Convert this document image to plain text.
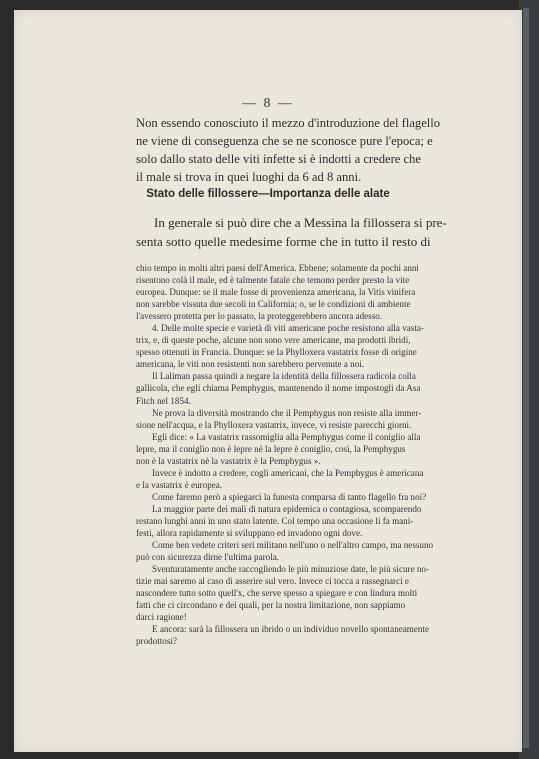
— 8 —

Non essendo conosciuto il mezzo d'introduzione del flagello
ne viene di conseguenza che se ne sconosce pure l'epoca; e
solo dallo stato delle viti infette si è indotti a credere che
il male si trova in quei luoghi da 6 ad 8 anni.

Stato delle fillossere—Importanza delle alate

In generale si può dire che a Messina la fillossera si pre-
senta sotto quelle medesime forme che in tutto il resto di

chio tempo in molti altri paesi dell'America. Ebbene; solamente da pochi anni
risentono colà il male, ed è talmente fatale che temono perder presto la vite
europea. Dunque: se il male fosse di provenienza americana, la Vitis vinifera
non sarebbe vissuta due secoli in California; o, se le condizioni di ambiente
l'avessero protetta per lo passato, la proteggerebbero ancora adesso.
4. Delle molte specie e varietà di viti americane poche resistono alla vasta-
trix, e, di queste poche, alcune non sono vere americane, ma prodotti ibridi,
spesso ottenuti in Francia. Dunque: se la Phylloxera vastatrix fosse di origine
americana, le viti non resistenti non sarebbero pervenute a noi.
Il Laliman passa quindi a negare la identità della fillossera radicola colla
gallicola, che egli chiama Pemphygus, mantenendo il nome impostogli da Asa
Fitch nel 1854.
Ne prova la diversità mostrando che il Pemphygus non resiste alla immer-
sione nell'acqua, e la Phylloxera vastatrix, invece, vi resiste parecchi giorni.
Egli dice: « La vastatrix rassomiglia alla Pemphygus come il coniglio alla
lepre, ma il coniglio non è lepre nè la lepre è coniglio, così, la Pemphygus
non è la vastatrix nè la vastatrix è la Pemphygus ».
Invece è indotto a credere, cogli americani, che la Pemphygus è americana
e la vastatrix è europea.
Come faremo però a spiegarci la funesta comparsa di tanto flagello fra noi?
La maggior parte dei mali di natura epidemica o contagiosa, scomparendo
restano lunghi anni in uno stato latente. Col tempo una occasione li fa mani-
festi, allora rapidamente si sviluppano ed invadono ogni dove.
Come ben vedete criteri seri militano nell'uno o nell'altro campo, ma nessuno
può con sicurezza dirne l'ultima parola.
Sventuratamente anche raccogliendo le più minuziose date, le più sicure no-
tizie mai saremo al caso di asserire sul vero. Invece ci tocca a rassegnarci e
nascondere tutto sotto quell'x, che serve spesso a spiegare e con lindura molti
fatti che ci circondano e dei quali, per la nostra limitazione, non sappiamo
darci ragione!
E ancora: sarà la fillossera un ibrido o un individuo novello spontaneamente
prodottosi?
